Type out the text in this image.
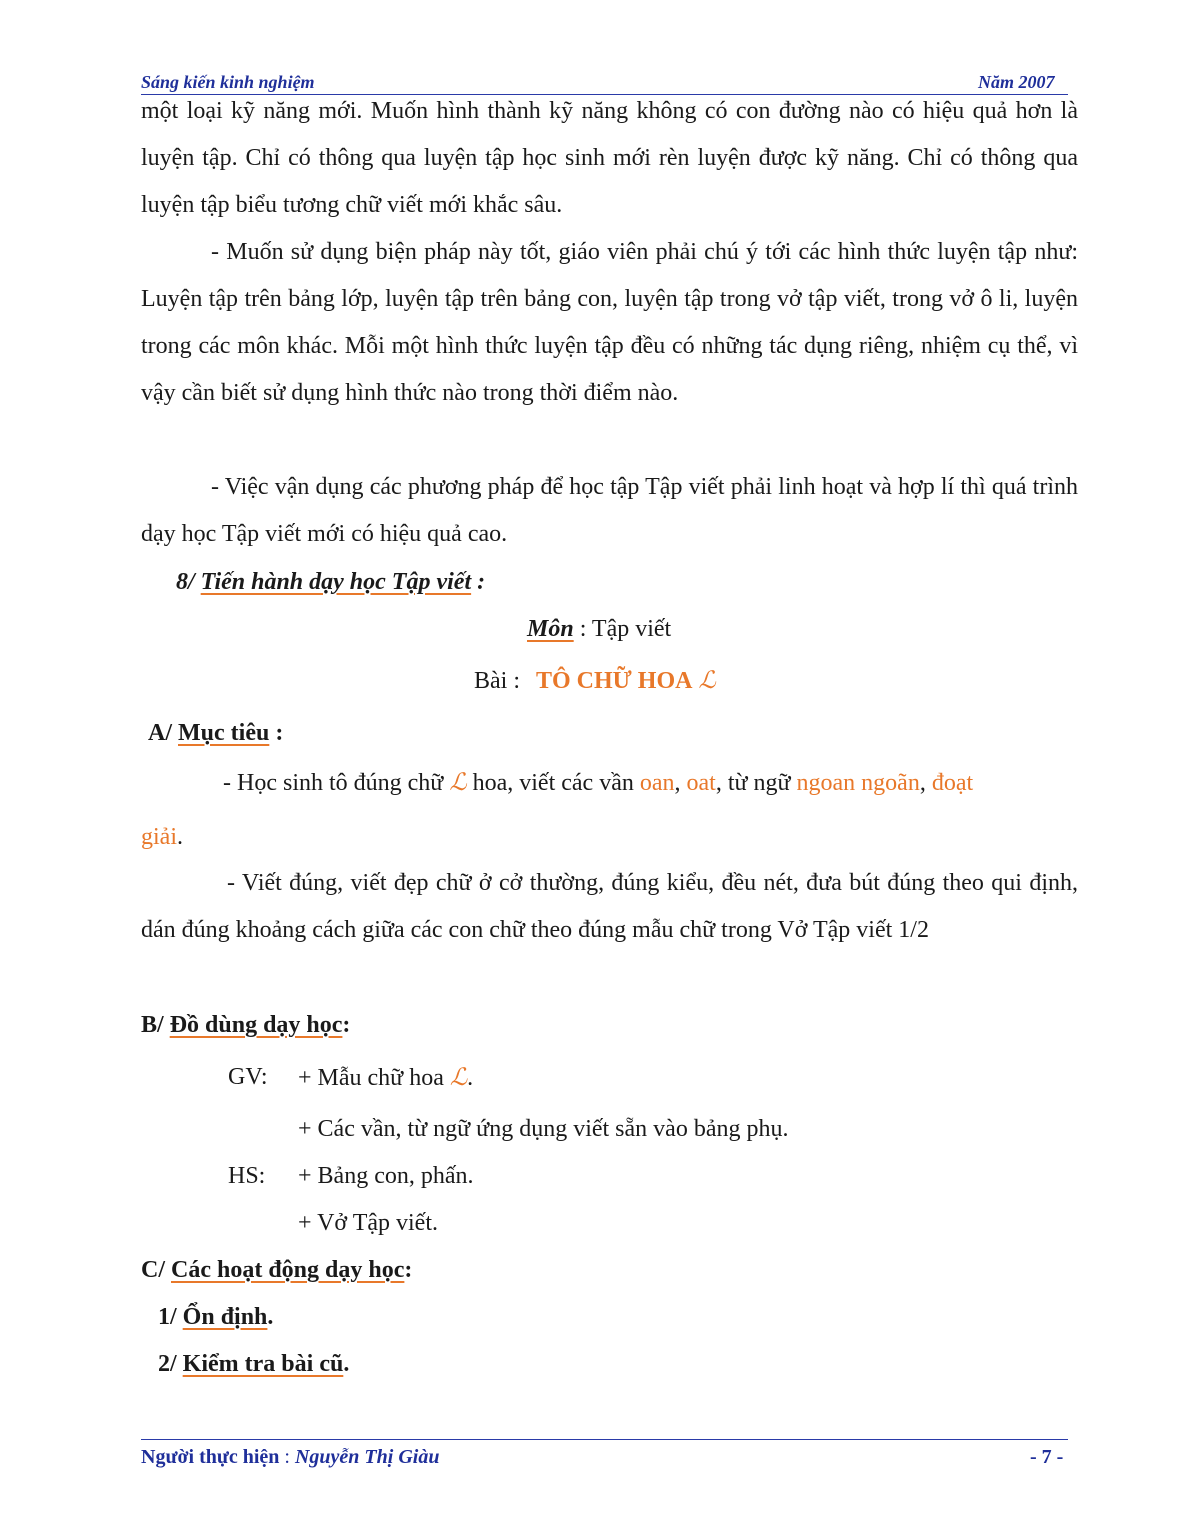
Sáng kiến kinh nghiệm	Năm 2007
một loại kỹ năng mới. Muốn hình thành kỹ năng không có con đường nào có hiệu quả hơn là luyện tập. Chỉ có thông qua luyện tập học sinh mới rèn luyện được kỹ năng. Chỉ có thông qua luyện tập biểu tương chữ viết mới khắc sâu.
- Muốn sử dụng biện pháp này tốt, giáo viên phải chú ý tới các hình thức luyện tập như: Luyện tập trên bảng lớp, luyện tập trên bảng con, luyện tập trong vở tập viết, trong vở ô li, luyện trong các môn khác. Mỗi một hình thức luyện tập đều có những tác dụng riêng, nhiệm cụ thể, vì vậy cần biết sử dụng hình thức nào trong thời điểm nào.
- Việc vận dụng các phương pháp để học tập Tập viết phải linh hoạt và hợp lí thì quá trình dạy học Tập viết mới có hiệu quả cao.
8/ Tiến hành dạy học Tập viết :
Môn : Tập viết
Bài : TÔ CHỮ HOA ℒ
A/ Mục tiêu :
- Học sinh tô đúng chữ ℒ hoa, viết các vần oan, oat, từ ngữ ngoan ngoãn, đoạt
giải.
- Viết đúng, viết đẹp chữ ở cở thường, đúng kiểu, đều nét, đưa bút đúng theo qui định, dán đúng khoảng cách giữa các con chữ theo đúng mẫu chữ trong Vở Tập viết 1/2
B/ Đồ dùng dạy học:
GV: + Mẫu chữ hoa ℒ.
+ Các vần, từ ngữ ứng dụng viết sẵn vào bảng phụ.
HS: + Bảng con, phấn.
+ Vở Tập viết.
C/ Các hoạt động dạy học:
1/ Ổn định.
2/ Kiểm tra bài cũ.
Người thực hiện : Nguyễn Thị Giàu	- 7 -
